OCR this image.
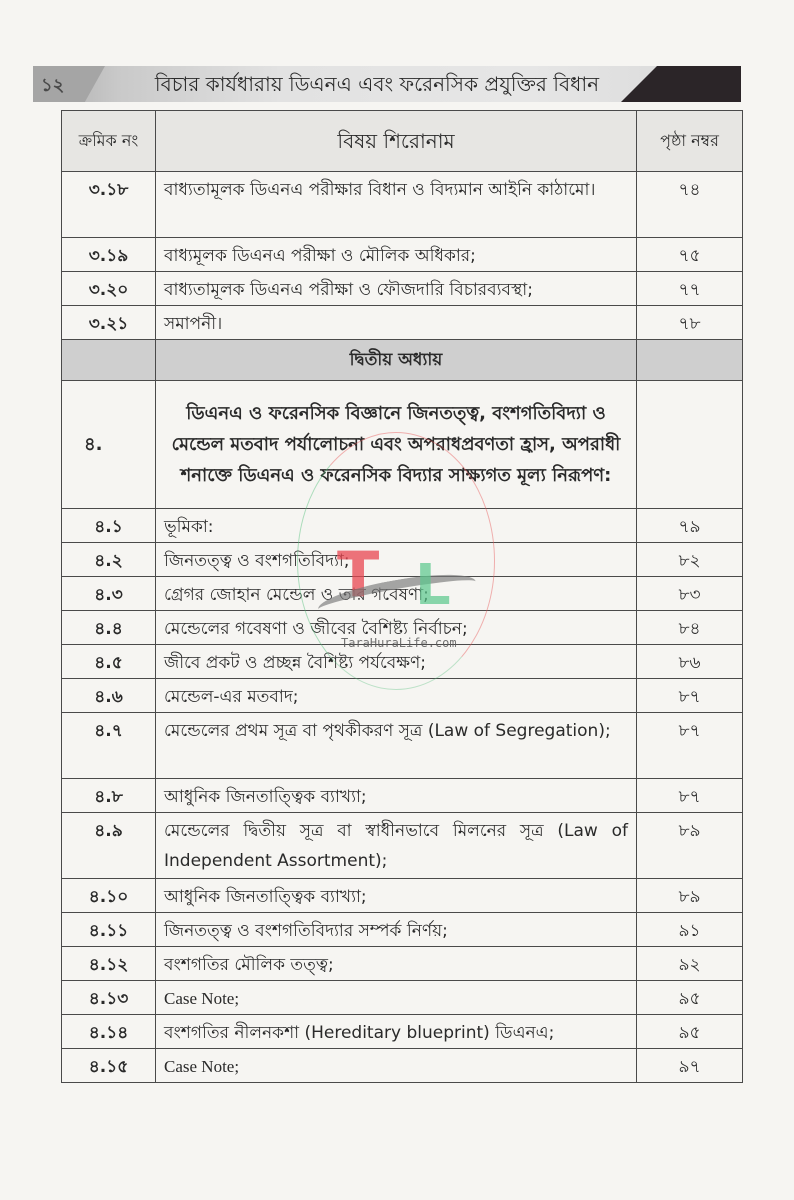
১২	বিচার কার্যধারায় ডিএনএ এবং ফরেনসিক প্রযুক্তির বিধান
ক্রমিক নং	বিষয় শিরোনাম	পৃষ্ঠা নম্বর
৩.১৮	বাধ্যতামূলক ডিএনএ পরীক্ষার বিধান ও বিদ্যমান আইনি কাঠামো।	৭৪
৩.১৯	বাধ্যমূলক ডিএনএ পরীক্ষা ও মৌলিক অধিকার;	৭৫
৩.২০	বাধ্যতামূলক ডিএনএ পরীক্ষা ও ফৌজদারি বিচারব্যবস্থা;	৭৭
৩.২১	সমাপনী।	৭৮
	দ্বিতীয় অধ্যায়	
৪.	ডিএনএ ও ফরেনসিক বিজ্ঞানে জিনতত্ত্ব, বংশগতিবিদ্যা ও মেন্ডেল মতবাদ পর্যালোচনা এবং অপরাধপ্রবণতা হ্রাস, অপরাধী শনাক্তে ডিএনএ ও ফরেনসিক বিদ্যার সাক্ষ্যগত মূল্য নিরূপণ:	
৪.১	ভূমিকা:	৭৯
৪.২	জিনতত্ত্ব ও বংশগতিবিদ্যা;	৮২
৪.৩	গ্রেগর জোহান মেন্ডেল ও তার গবেষণা;	৮৩
৪.৪	মেন্ডেলের গবেষণা ও জীবের বৈশিষ্ট্য নির্বাচন;	৮৪
৪.৫	জীবে প্রকট ও প্রচ্ছন্ন বৈশিষ্ট্য পর্যবেক্ষণ;	৮৬
৪.৬	মেন্ডেল-এর মতবাদ;	৮৭
৪.৭	মেন্ডেলের প্রথম সূত্র বা পৃথকীকরণ সূত্র (Law of Segregation);	৮৭
৪.৮	আধুনিক জিনতাত্ত্বিক ব্যাখ্যা;	৮৭
৪.৯	মেন্ডেলের দ্বিতীয় সূত্র বা স্বাধীনভাবে মিলনের সূত্র (Law of Independent Assortment);	৮৯
৪.১০	আধুনিক জিনতাত্ত্বিক ব্যাখ্যা;	৮৯
৪.১১	জিনতত্ত্ব ও বংশগতিবিদ্যার সম্পর্ক নির্ণয়;	৯১
৪.১২	বংশগতির মৌলিক তত্ত্ব;	৯২
৪.১৩	Case Note;	৯৫
৪.১৪	বংশগতির নীলনকশা (Hereditary blueprint) ডিএনএ;	৯৫
৪.১৫	Case Note;	৯৭
T L
TaraHuraLife.com
